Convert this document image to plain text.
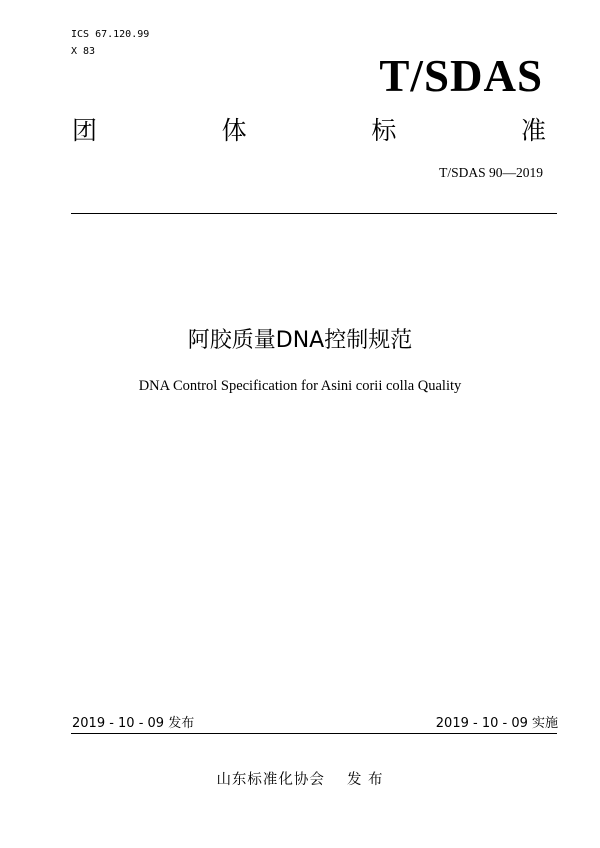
ICS 67.120.99
X 83	T/SDAS
团	体	标	准
T/SDAS 90—2019
阿胶质量DNA控制规范
DNA Control Specification for Asini corii colla Quality
2019 - 10 - 09 发布	2019 - 10 - 09 实施
山东标准化协会 发 布
